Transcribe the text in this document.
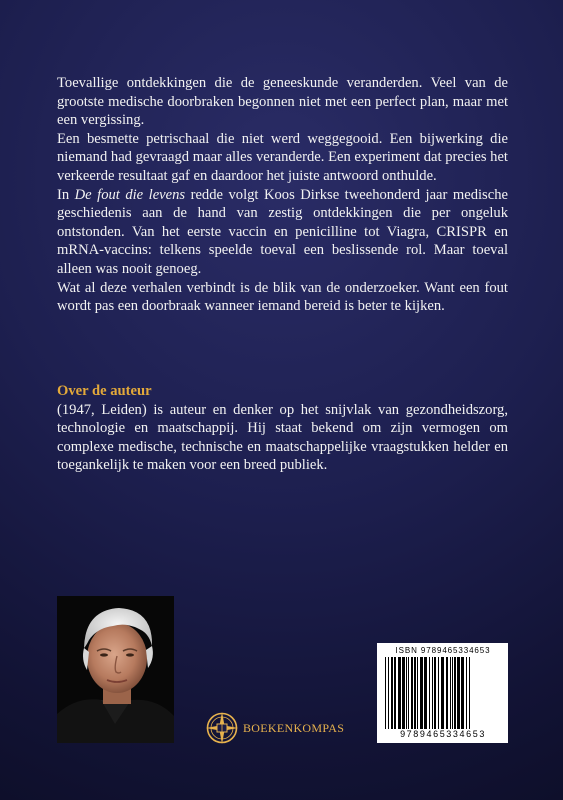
Toevallige ontdekkingen die de geneeskunde veranderden. Veel van de grootste medische doorbraken begonnen niet met een perfect plan, maar met een vergissing.

Een besmette petrischaal die niet werd weggegooid. Een bijwerking die niemand had gevraagd maar alles veranderde. Een experiment dat precies het verkeerde resultaat gaf en daardoor het juiste antwoord onthulde.

In De fout die levens redde volgt Koos Dirkse tweehonderd jaar medische geschiedenis aan de hand van zestig ontdekkingen die per ongeluk ontstonden. Van het eerste vaccin en penicilline tot Viagra, CRISPR en mRNA-vaccins: telkens speelde toeval een beslissende rol. Maar toeval alleen was nooit genoeg.

Wat al deze verhalen verbindt is de blik van de onderzoeker. Want een fout wordt pas een doorbraak wanneer iemand bereid is beter te kijken.

Over de auteur

(1947, Leiden) is auteur en denker op het snijvlak van gezondheidszorg, technologie en maatschappij. Hij staat bekend om zijn vermogen om complexe medische, technische en maatschappelijke vraagstukken helder en toegankelijk te maken voor een breed publiek.

BOEKENKOMPAS
ISBN 9789465334653
9789465334653
